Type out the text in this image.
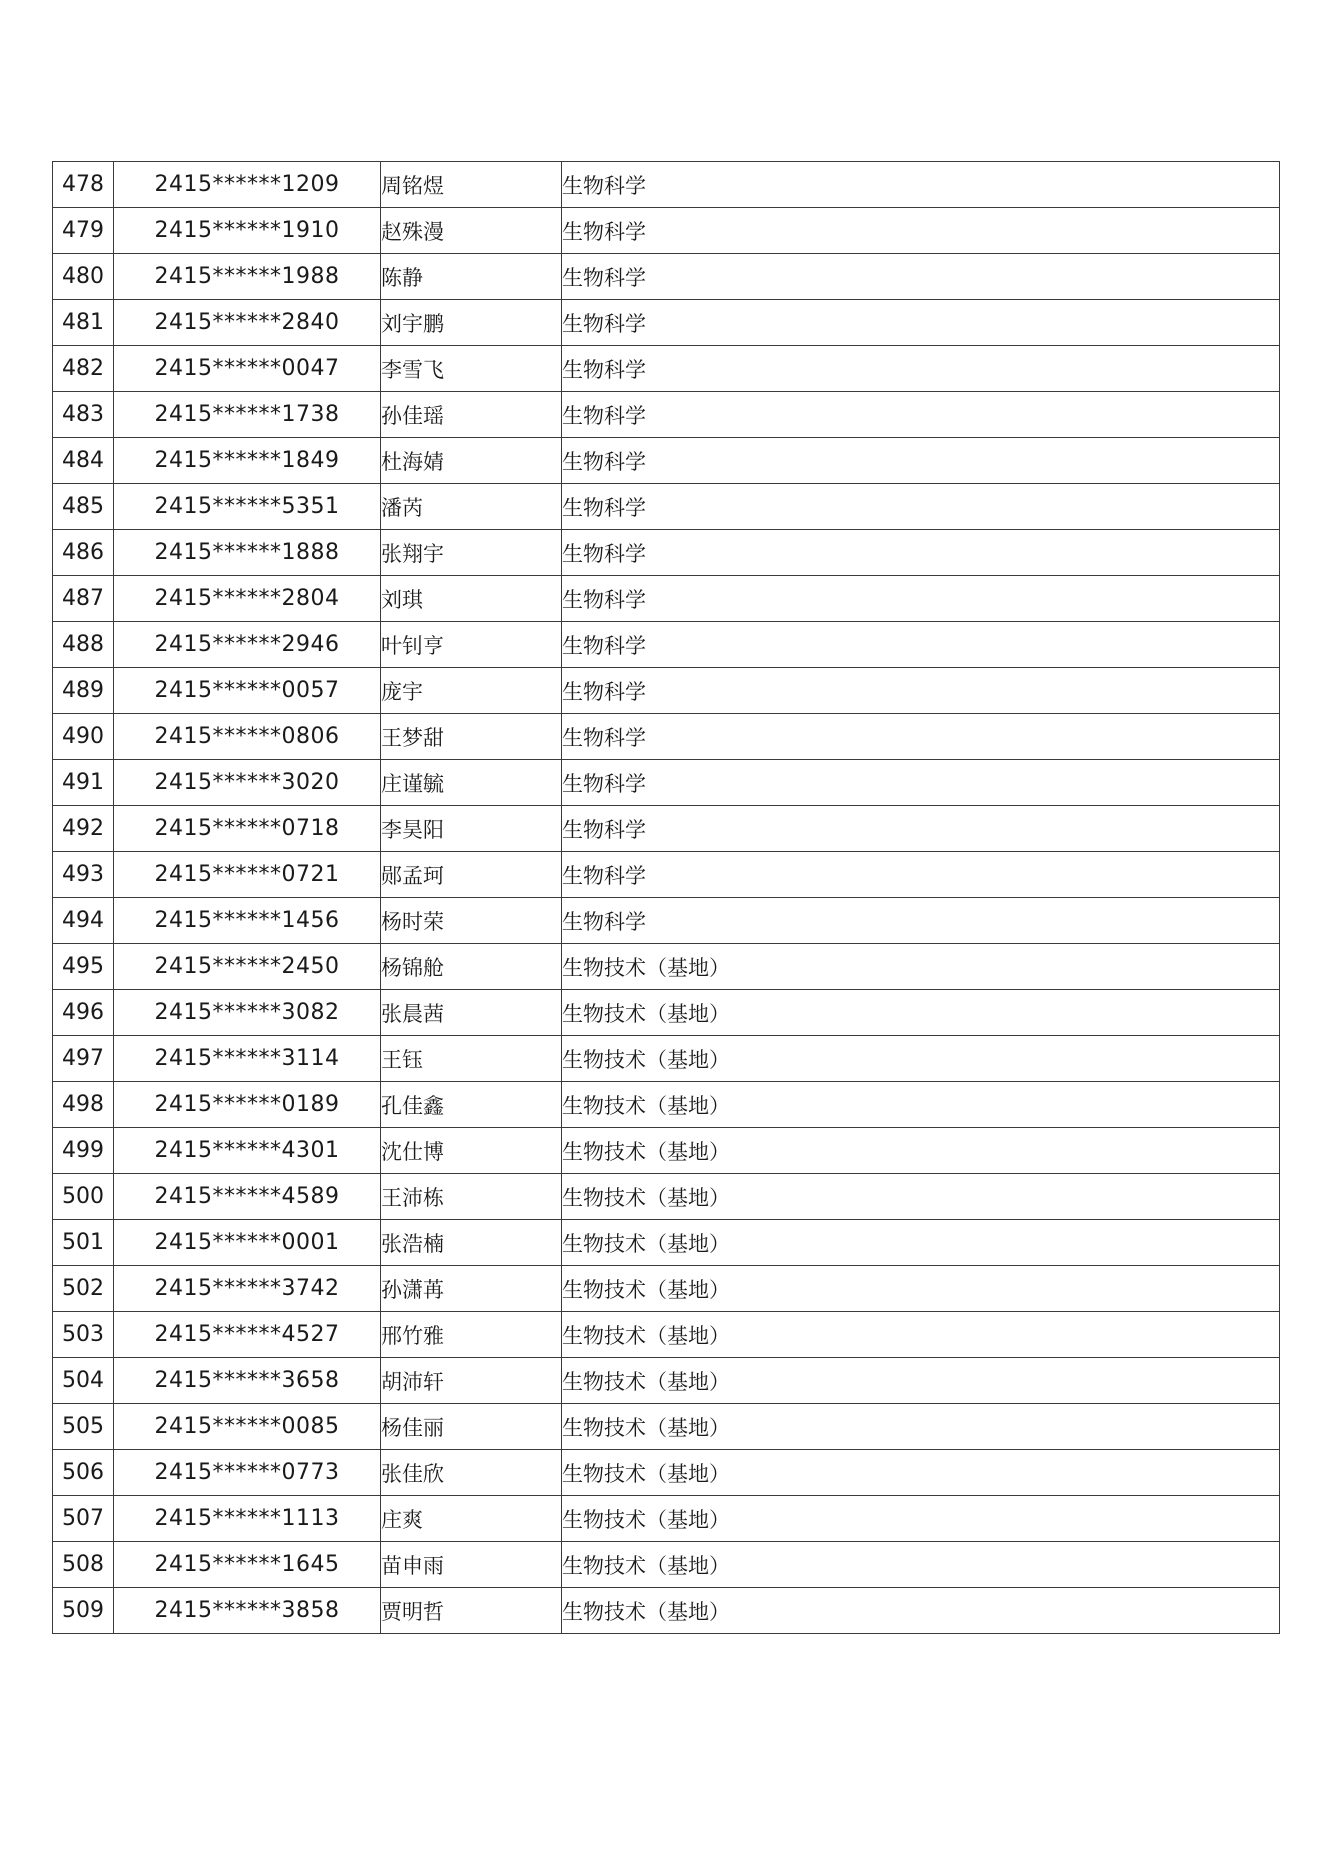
478	2415******1209	周铭煜	生物科学
479	2415******1910	赵殊漫	生物科学
480	2415******1988	陈静	生物科学
481	2415******2840	刘宇鹏	生物科学
482	2415******0047	李雪飞	生物科学
483	2415******1738	孙佳瑶	生物科学
484	2415******1849	杜海婧	生物科学
485	2415******5351	潘芮	生物科学
486	2415******1888	张翔宇	生物科学
487	2415******2804	刘琪	生物科学
488	2415******2946	叶钊亨	生物科学
489	2415******0057	庞宇	生物科学
490	2415******0806	王梦甜	生物科学
491	2415******3020	庄谨毓	生物科学
492	2415******0718	李昊阳	生物科学
493	2415******0721	郧孟珂	生物科学
494	2415******1456	杨时荣	生物科学
495	2415******2450	杨锦舱	生物技术（基地）
496	2415******3082	张晨茜	生物技术（基地）
497	2415******3114	王钰	生物技术（基地）
498	2415******0189	孔佳鑫	生物技术（基地）
499	2415******4301	沈仕博	生物技术（基地）
500	2415******4589	王沛栋	生物技术（基地）
501	2415******0001	张浩楠	生物技术（基地）
502	2415******3742	孙潇苒	生物技术（基地）
503	2415******4527	邢竹雅	生物技术（基地）
504	2415******3658	胡沛轩	生物技术（基地）
505	2415******0085	杨佳丽	生物技术（基地）
506	2415******0773	张佳欣	生物技术（基地）
507	2415******1113	庄爽	生物技术（基地）
508	2415******1645	苗申雨	生物技术（基地）
509	2415******3858	贾明哲	生物技术（基地）
